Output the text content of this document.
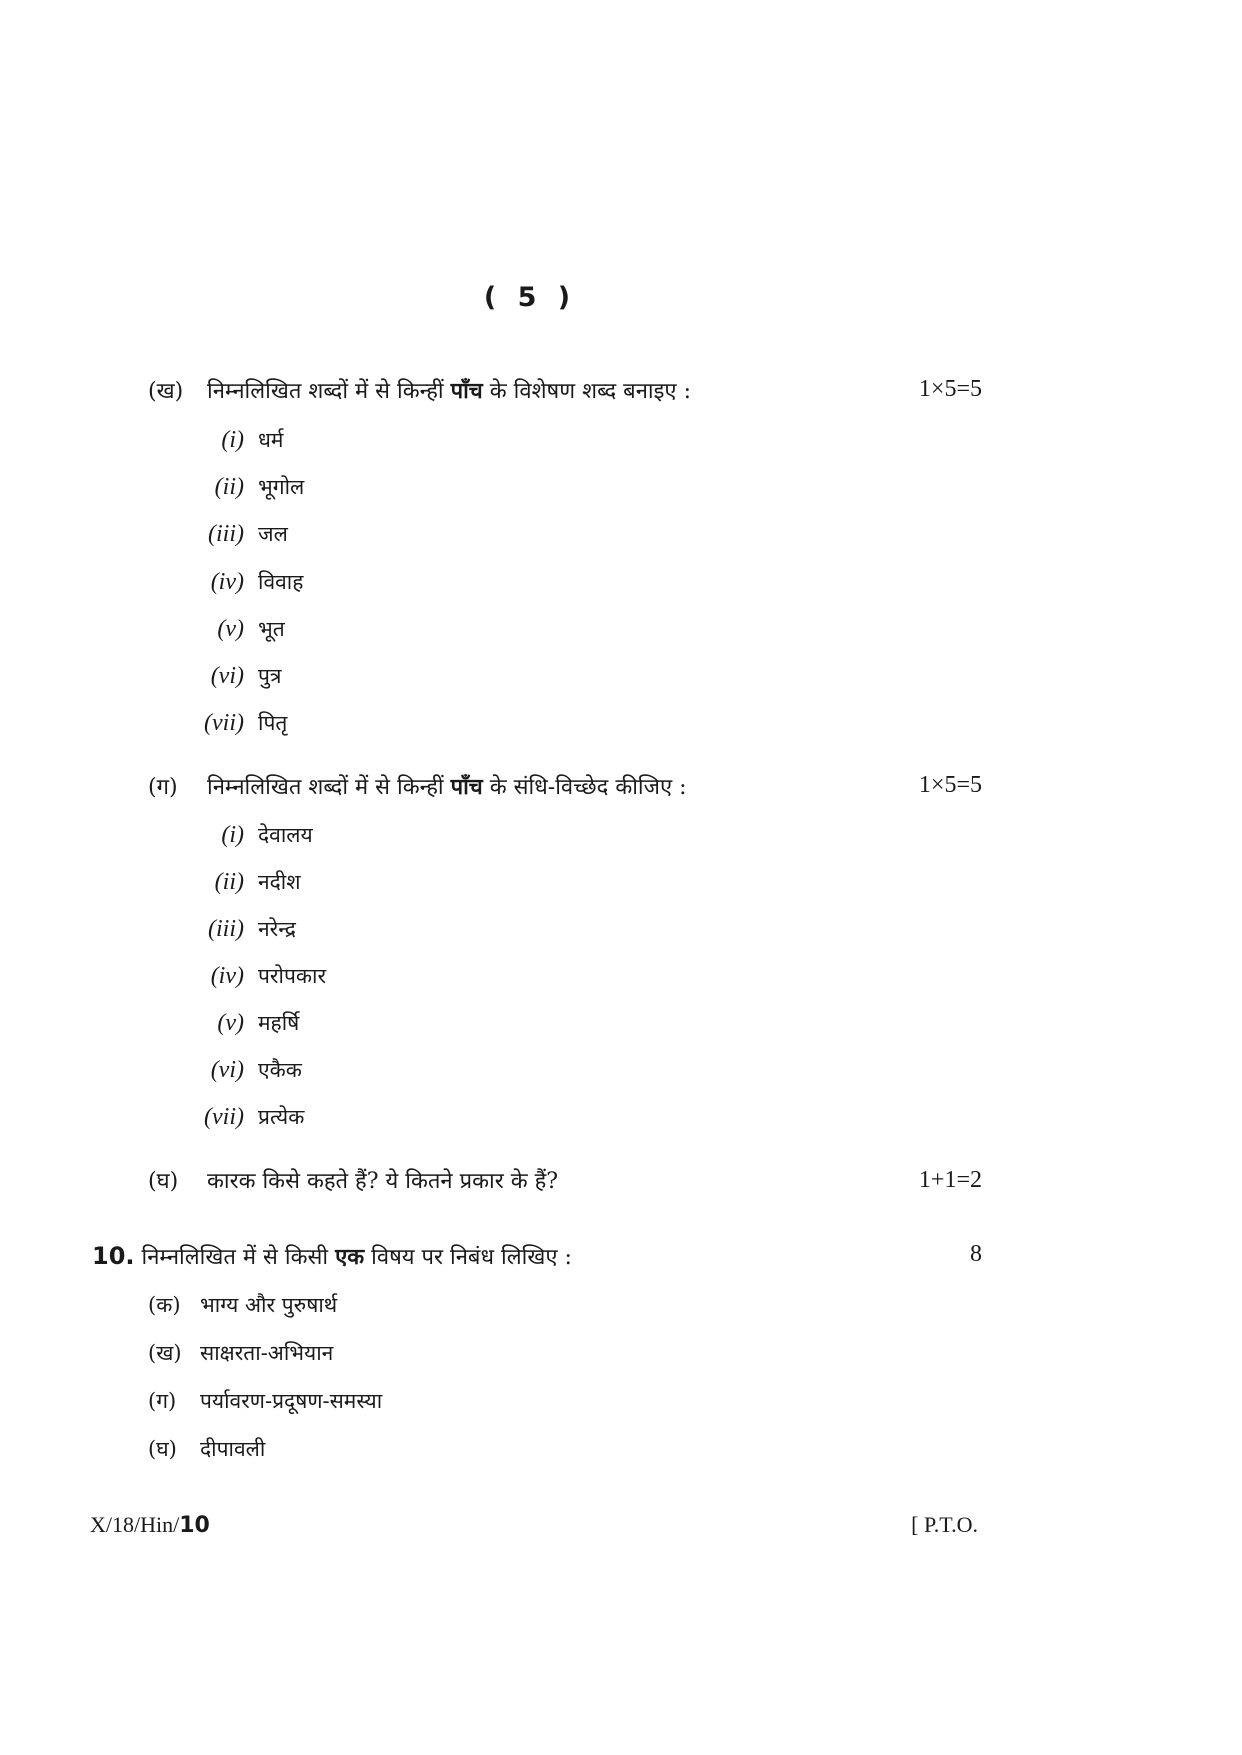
( 5 )
(ख) निम्नलिखित शब्दों में से किन्हीं पाँच के विशेषण शब्द बनाइए :	1×5=5
(i) धर्म
(ii) भूगोल
(iii) जल
(iv) विवाह
(v) भूत
(vi) पुत्र
(vii) पितृ
(ग) निम्नलिखित शब्दों में से किन्हीं पाँच के संधि-विच्छेद कीजिए :	1×5=5
(i) देवालय
(ii) नदीश
(iii) नरेन्द्र
(iv) परोपकार
(v) महर्षि
(vi) एकैक
(vii) प्रत्येक
(घ) कारक किसे कहते हैं? ये कितने प्रकार के हैं?	1+1=2
10. निम्नलिखित में से किसी एक विषय पर निबंध लिखिए :	8
(क) भाग्य और पुरुषार्थ
(ख) साक्षरता-अभियान
(ग) पर्यावरण-प्रदूषण-समस्या
(घ) दीपावली
X/18/Hin/10	[ P.T.O.
